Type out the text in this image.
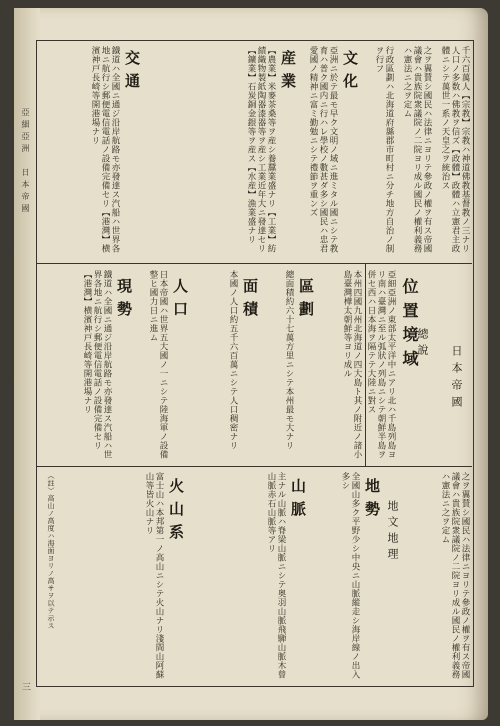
亞細亞洲　日本帝國
三
千六百萬人【宗教】宗教ハ神道佛教基督教ノ三ナリ人口ノ多数ハ佛教ヲ信ズ【政體】政體ハ立憲君主政體ニシテ萬世一系ノ天皇之ヲ統治ス
之ヲ翼賛シ國民ハ法律ニヨリテ參政ノ權ヲ有ス帝國議會ハ貴族院衆議院ノ二院ヨリ成ル國民ノ權利義務ハ憲法ニ之ヲ定ム
行政區劃ハ北海道府縣郡市町村ニ分チ地方自治ノ制ヲ行フ
文化
亞洲ニ於テ最モ早ク文明ノ域ニ進ミタル國ニシテ教育ハ普ク國内ニ行ハレ學校ノ數甚ダ多シ國民ハ忠君愛國ノ精神ニ富ミ勤勉ニシテ禮節ヲ重ンズ
産業
【農業】米麥茶桑等ヲ産シ養蠶業盛ナリ【工業】紡績織物製紙陶器漆器等ヲ産シ工業近年大ニ發達セリ【鑛業】石炭銅金銀等ヲ産ス【水産】漁業盛ナリ
交通
鐵道ハ全國ニ通ジ沿岸航路モ亦發達ス汽船ハ世界各地ニ航行シ郵便電信電話ノ設備完備セリ【港灣】横濱神戸長崎等開港場ナリ
日本帝國
總說
位置境域
亞細亞洲ノ東部太平洋中ニアリ北ハ千島列島ヨリ南ハ臺灣ニ至ル弧狀ノ列島ニシテ朝鮮半島ヲ併セ西ハ日本海ヲ隔テテ大陸ニ對ス
本州四國九州北海道ノ四大島ト其ノ附近ノ諸小島臺灣樺太朝鮮等ヨリ成ル
區劃
總面積約六十七萬方里ニシテ本州最モ大ナリ
面積
本國ノ人口約五千六百萬ニシテ人口稠密ナリ
人口
日本帝國ハ世界五大國ノ一ニシテ陸海軍ノ設備整ヒ國力日ニ進ム
現勢
鐵道ハ全國ニ通ジ沿岸航路モ亦發達ス汽船ハ世界各地ニ航行シ郵便電信電話ノ設備完備セリ【港灣】横濱神戸長崎等開港場ナリ
之ヲ翼賛シ國民ハ法律ニヨリテ參政ノ權ヲ有ス帝國議會ハ貴族院衆議院ノ二院ヨリ成ル國民ノ權利義務ハ憲法ニ之ヲ定ム
地文地理
地勢
全國山多ク平野少シ中央ニ山脈縱走シ海岸線ノ出入多シ
山脈
主ナル山脈ハ脊梁山脈ニシテ奥羽山脈飛騨山脈木曾山脈赤石山脈等アリ
火山系
富士山ハ本邦第一ノ高山ニシテ火山ナリ淺間山阿蘇山等皆火山ナリ
（註）高山ノ高度ハ海面ヨリノ高サヲ以テ示ス
